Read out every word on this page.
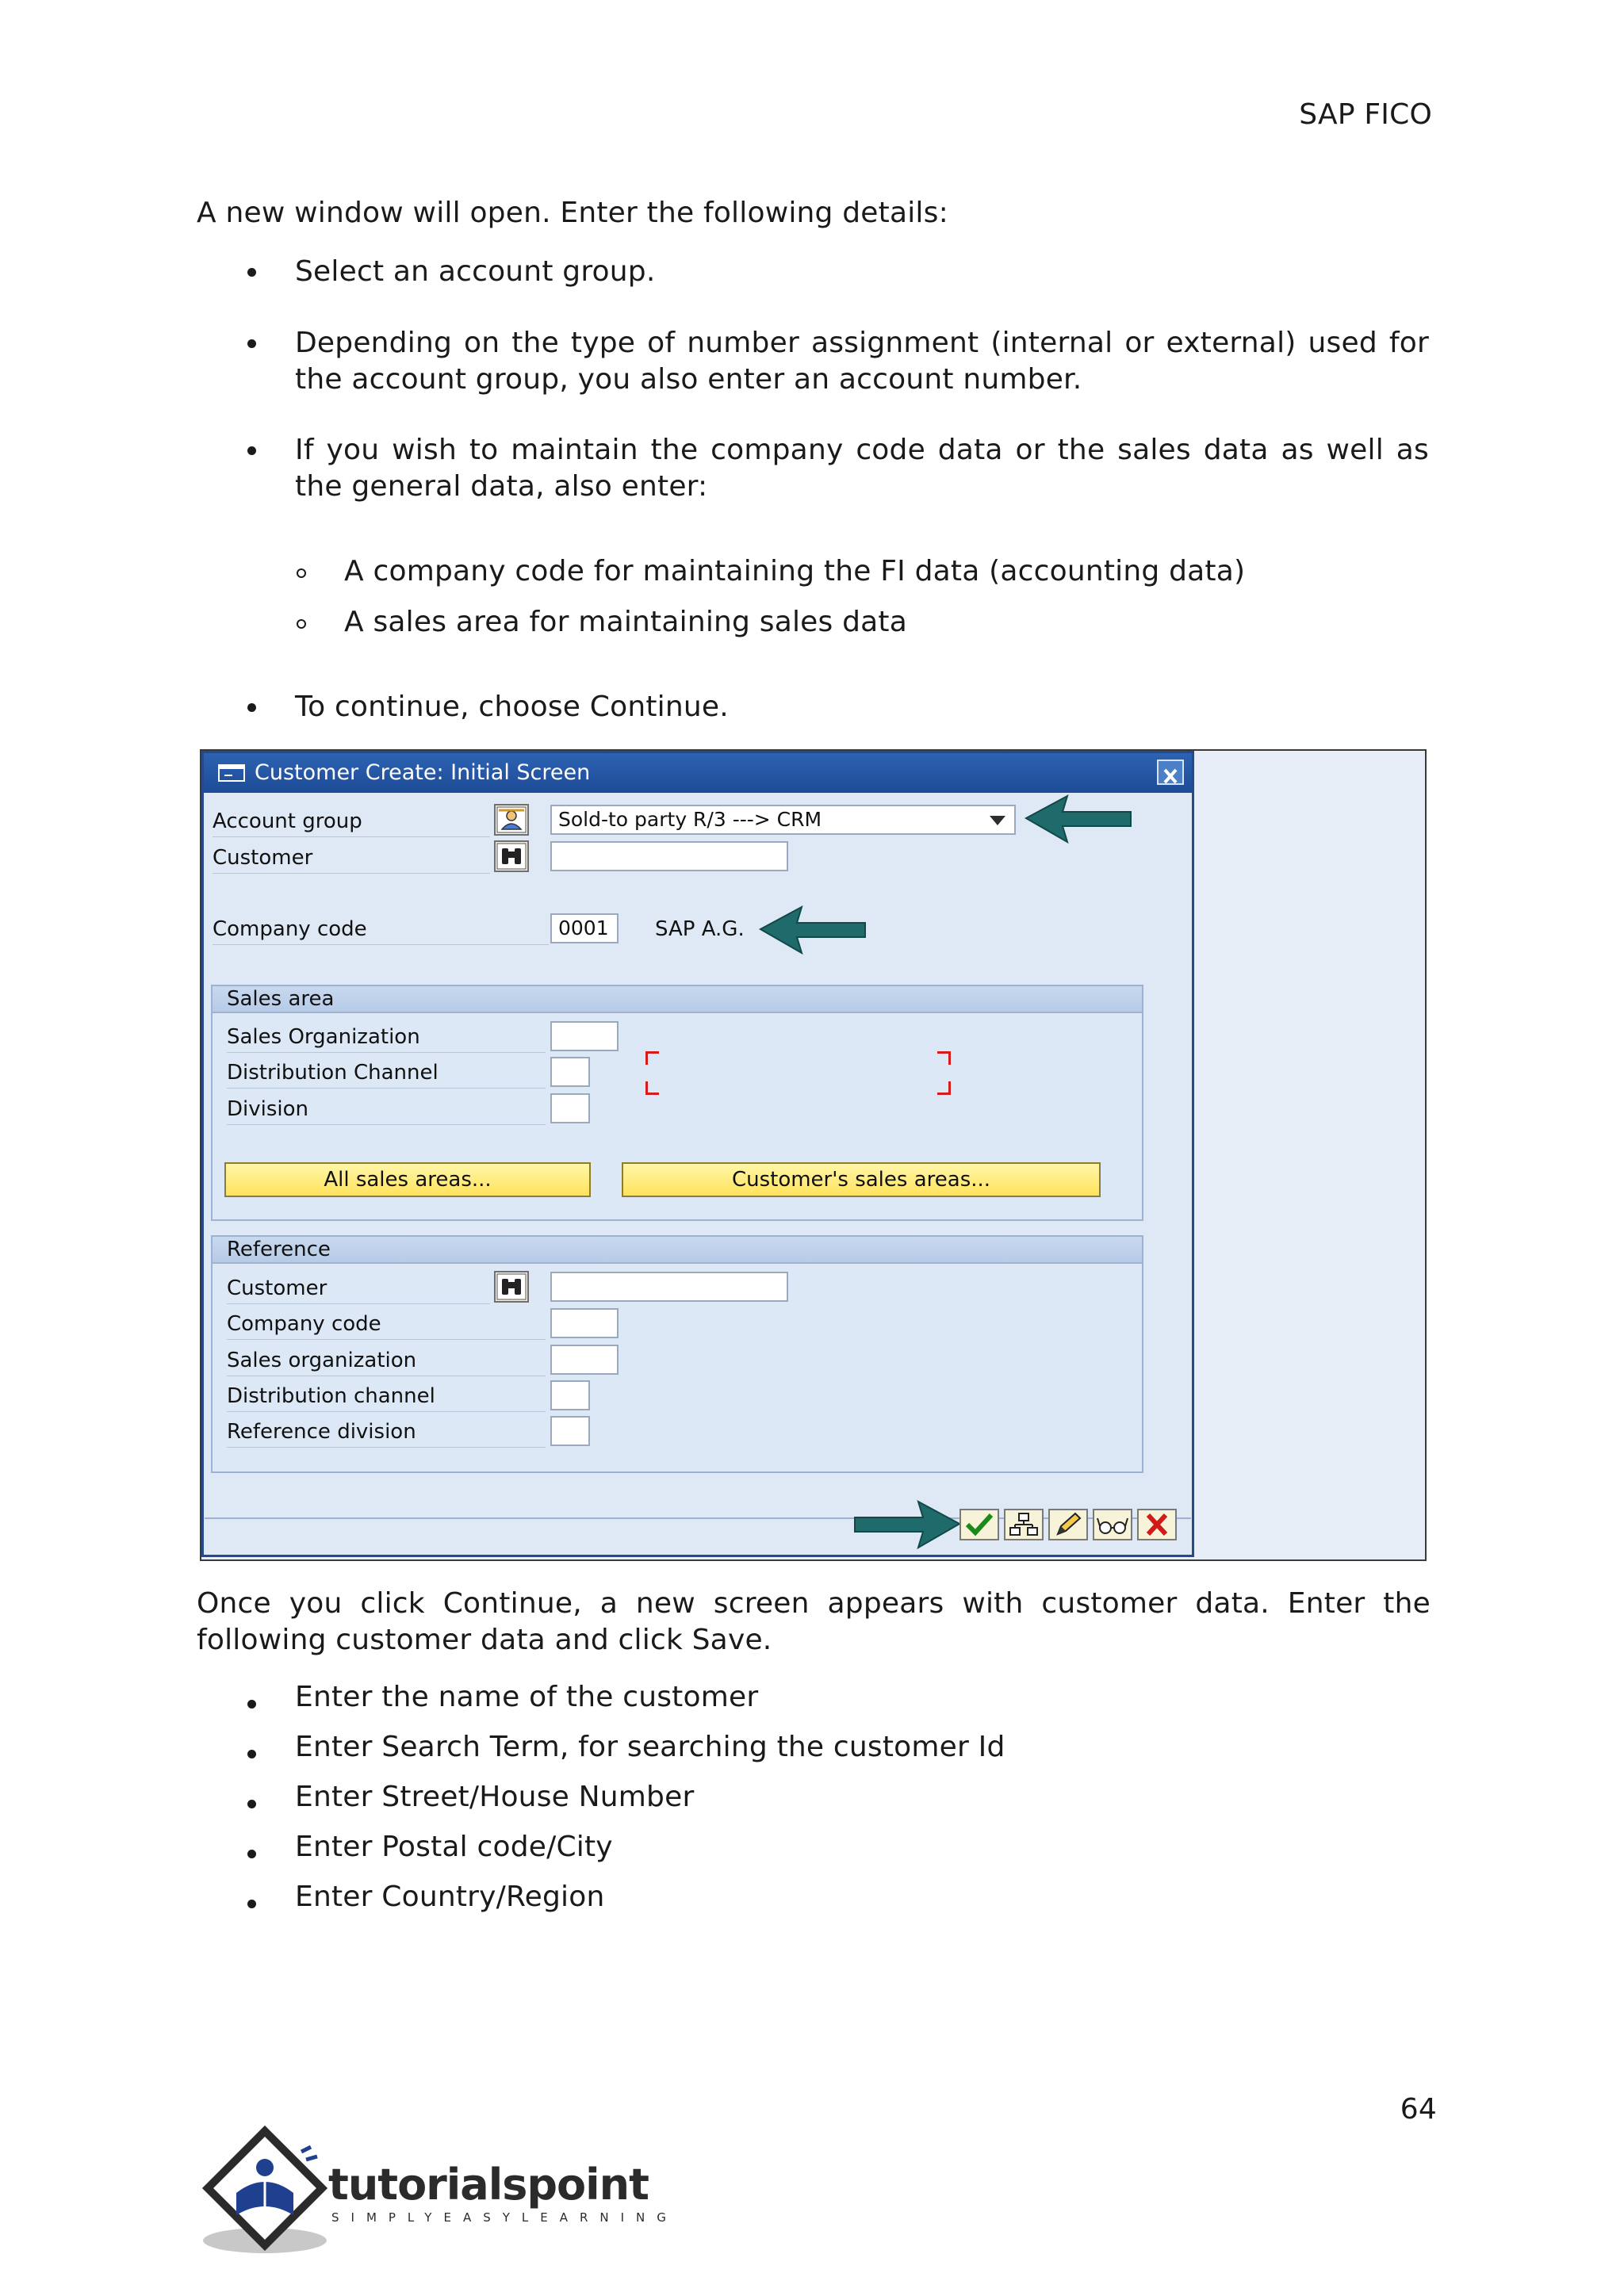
SAP FICO
A new window will open. Enter the following details:
Select an account group.
Depending on the type of number assignment (internal or external) used for the account group, you also enter an account number.
If you wish to maintain the company code data or the sales data as well as the general data, also enter:
A company code for maintaining the FI data (accounting data)
A sales area for maintaining sales data
To continue, choose Continue.
Customer Create: Initial Screen
Account group	Sold-to party R/3 ---> CRM
Customer
Company code	0001	SAP A.G.
Sales area
Sales Organization
Distribution Channel
Division
All sales areas...	Customer's sales areas...
Reference
Customer
Company code
Sales organization
Distribution channel
Reference division
Once you click Continue, a new screen appears with customer data. Enter the following customer data and click Save.
Enter the name of the customer
Enter Search Term, for searching the customer Id
Enter Street/House Number
Enter Postal code/City
Enter Country/Region
64
tutorialspoint
SIMPLYEASYLEARNING
